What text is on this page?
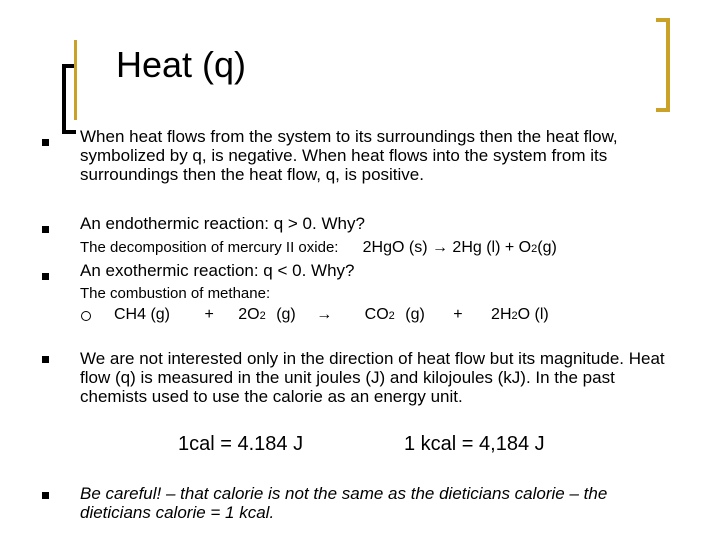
Heat (q)
When heat flows from the system to its surroundings then the heat flow, symbolized by q, is negative. When heat flows into the system from its surroundings then the heat flow, q, is positive.
An endothermic reaction: q > 0. Why?
The decomposition of mercury II oxide: 2HgO (s) → 2Hg (l) + O2(g)
An exothermic reaction: q < 0. Why?
The combustion of methane:
CH4 (g) + 2O2 (g) → CO2 (g) + 2H2O (l)
We are not interested only in the direction of heat flow but its magnitude. Heat flow (q) is measured in the unit joules (J) and kilojoules (kJ). In the past chemists used to use the calorie as an energy unit.
1cal = 4.184 J	1 kcal = 4,184 J
Be careful! – that calorie is not the same as the dieticians calorie – the dieticians calorie = 1 kcal.
